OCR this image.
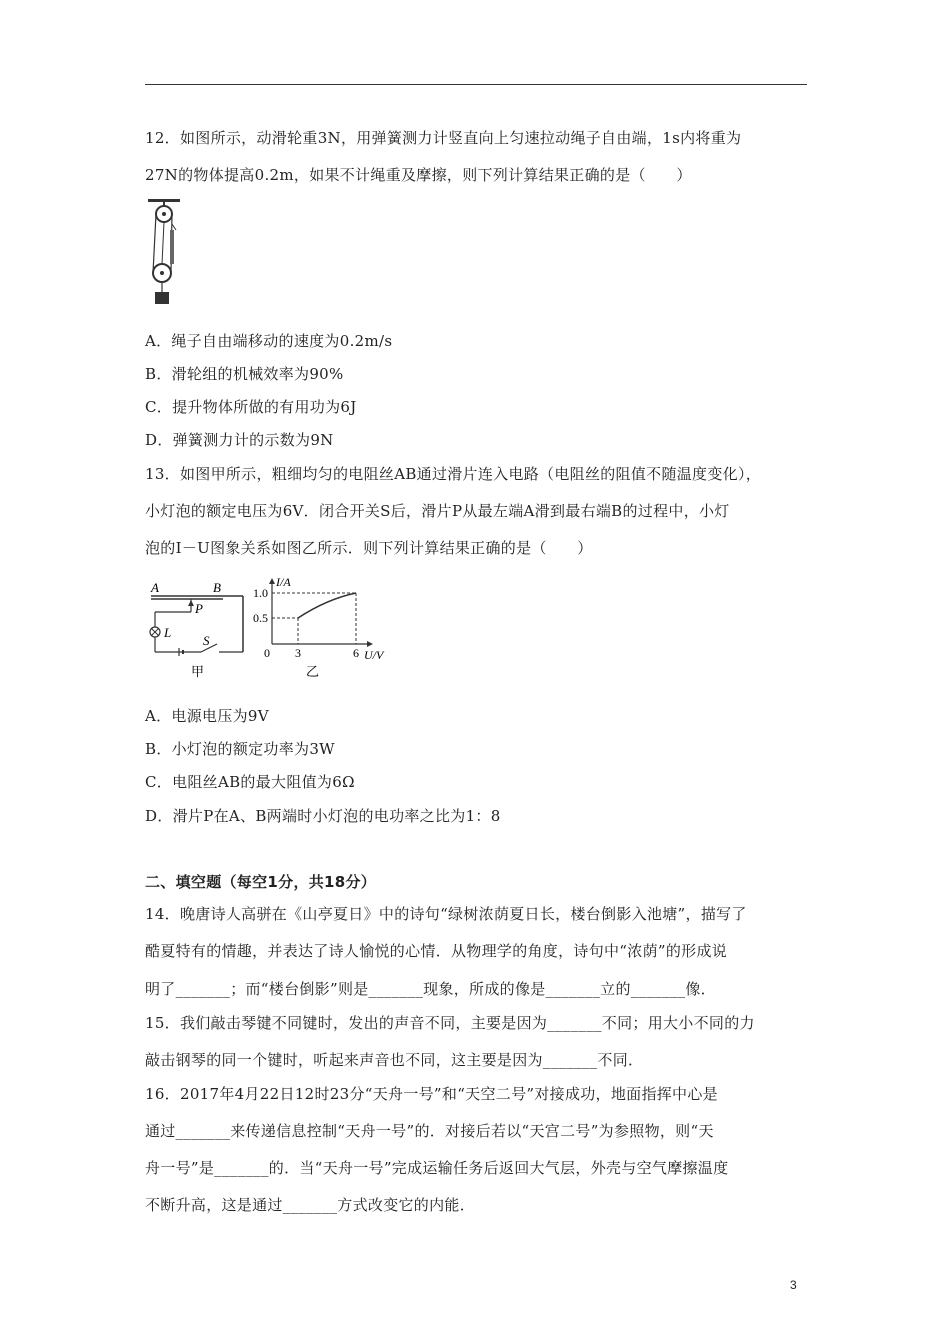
12．如图所示，动滑轮重3N，用弹簧测力计竖直向上匀速拉动绳子自由端，1s内将重为
27N的物体提高0.2m，如果不计绳重及摩擦，则下列计算结果正确的是（　　）
A．绳子自由端移动的速度为0.2m/s
B．滑轮组的机械效率为90%
C．提升物体所做的有用功为6J
D．弹簧测力计的示数为9N
13．如图甲所示，粗细均匀的电阻丝AB通过滑片连入电路（电阻丝的阻值不随温度变化），
小灯泡的额定电压为6V．闭合开关S后，滑片P从最左端A滑到最右端B的过程中，小灯
泡的I－U图象关系如图乙所示．则下列计算结果正确的是（　　）
A	B
P
L
S
甲
I/A
U/V
1.0
0.5
0 3	6
乙
A．电源电压为9V
B．小灯泡的额定功率为3W
C．电阻丝AB的最大阻值为6Ω
D．滑片P在A、B两端时小灯泡的电功率之比为1：8
二、填空题（每空1分，共18分）
14．晚唐诗人高骈在《山亭夏日》中的诗句“绿树浓荫夏日长，楼台倒影入池塘”，描写了
酷夏特有的情趣，并表达了诗人愉悦的心情．从物理学的角度，诗句中“浓荫”的形成说
明了_______；而“楼台倒影”则是_______现象，所成的像是_______立的_______像．
15．我们敲击琴键不同键时，发出的声音不同，主要是因为_______不同；用大小不同的力
敲击钢琴的同一个键时，听起来声音也不同，这主要是因为_______不同．
16．2017年4月22日12时23分“天舟一号”和“天空二号”对接成功，地面指挥中心是
通过_______来传递信息控制“天舟一号”的．对接后若以“天宫二号”为参照物，则“天
舟一号”是_______的．当“天舟一号”完成运输任务后返回大气层，外壳与空气摩擦温度
不断升高，这是通过_______方式改变它的内能．
3
